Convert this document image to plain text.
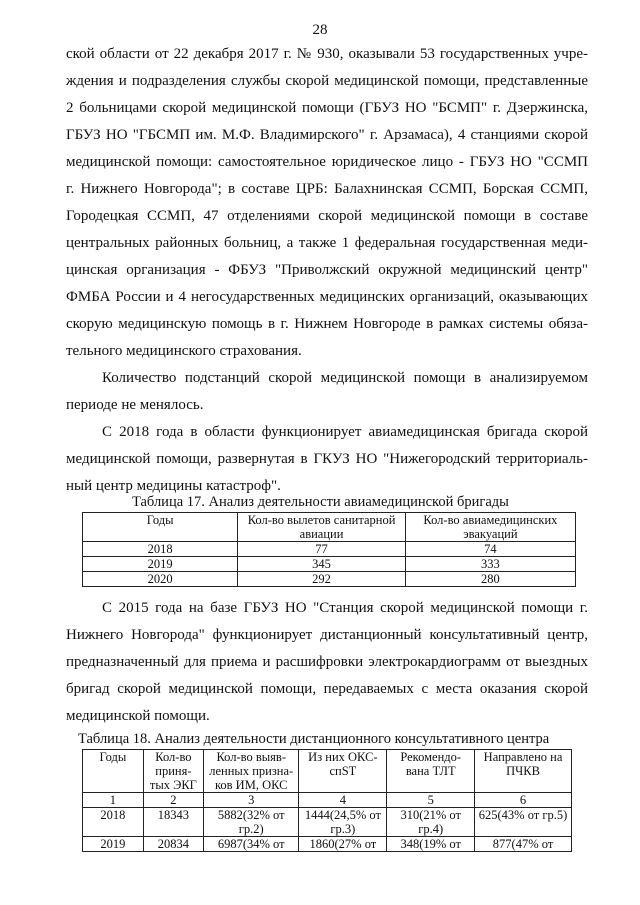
28
ской области от 22 декабря 2017 г. № 930, оказывали 53 государственных учре-
ждения и подразделения службы скорой медицинской помощи, представленные
2 больницами скорой медицинской помощи (ГБУЗ НО "БСМП" г. Дзержинска,
ГБУЗ НО "ГБСМП им. М.Ф. Владимирского" г. Арзамаса), 4 станциями скорой
медицинской помощи: самостоятельное юридическое лицо - ГБУЗ НО "ССМП
г. Нижнего Новгорода"; в составе ЦРБ: Балахнинская ССМП, Борская ССМП,
Городецкая ССМП, 47 отделениями скорой медицинской помощи в составе
центральных районных больниц, а также 1 федеральная государственная меди-
цинская организация - ФБУЗ "Приволжский окружной медицинский центр"
ФМБА России и 4 негосударственных медицинских организаций, оказывающих
скорую медицинскую помощь в г. Нижнем Новгороде в рамках системы обяза-
тельного медицинского страхования.
Количество подстанций скорой медицинской помощи в анализируемом
периоде не менялось.
С 2018 года в области функционирует авиамедицинская бригада скорой
медицинской помощи, развернутая в ГКУЗ НО "Нижегородский территориаль-
ный центр медицины катастроф".
Таблица 17. Анализ деятельности авиамедицинской бригады
Годы	Кол-во вылетов санитарной авиации	Кол-во авиамедицинских эвакуаций
2018	77	74
2019	345	333
2020	292	280
С 2015 года на базе ГБУЗ НО "Станция скорой медицинской помощи г.
Нижнего Новгорода" функционирует дистанционный консультативный центр,
предназначенный для приема и расшифровки электрокардиограмм от выездных
бригад скорой медицинской помощи, передаваемых с места оказания скорой
медицинской помощи.
Таблица 18. Анализ деятельности дистанционного консультативного центра
Годы	Кол-во приня-тых ЭКГ	Кол-во выяв-ленных призна-ков ИМ, ОКС	Из них ОКС-cпST	Рекомендо-вана ТЛТ	Направлено на ПЧКВ
1	2	3	4	5	6
2018	18343	5882(32% от гр.2)	1444(24,5% от гр.3)	310(21% от гр.4)	625(43% от гр.5)
2019	20834	6987(34% от	1860(27% от	348(19% от	877(47% от
